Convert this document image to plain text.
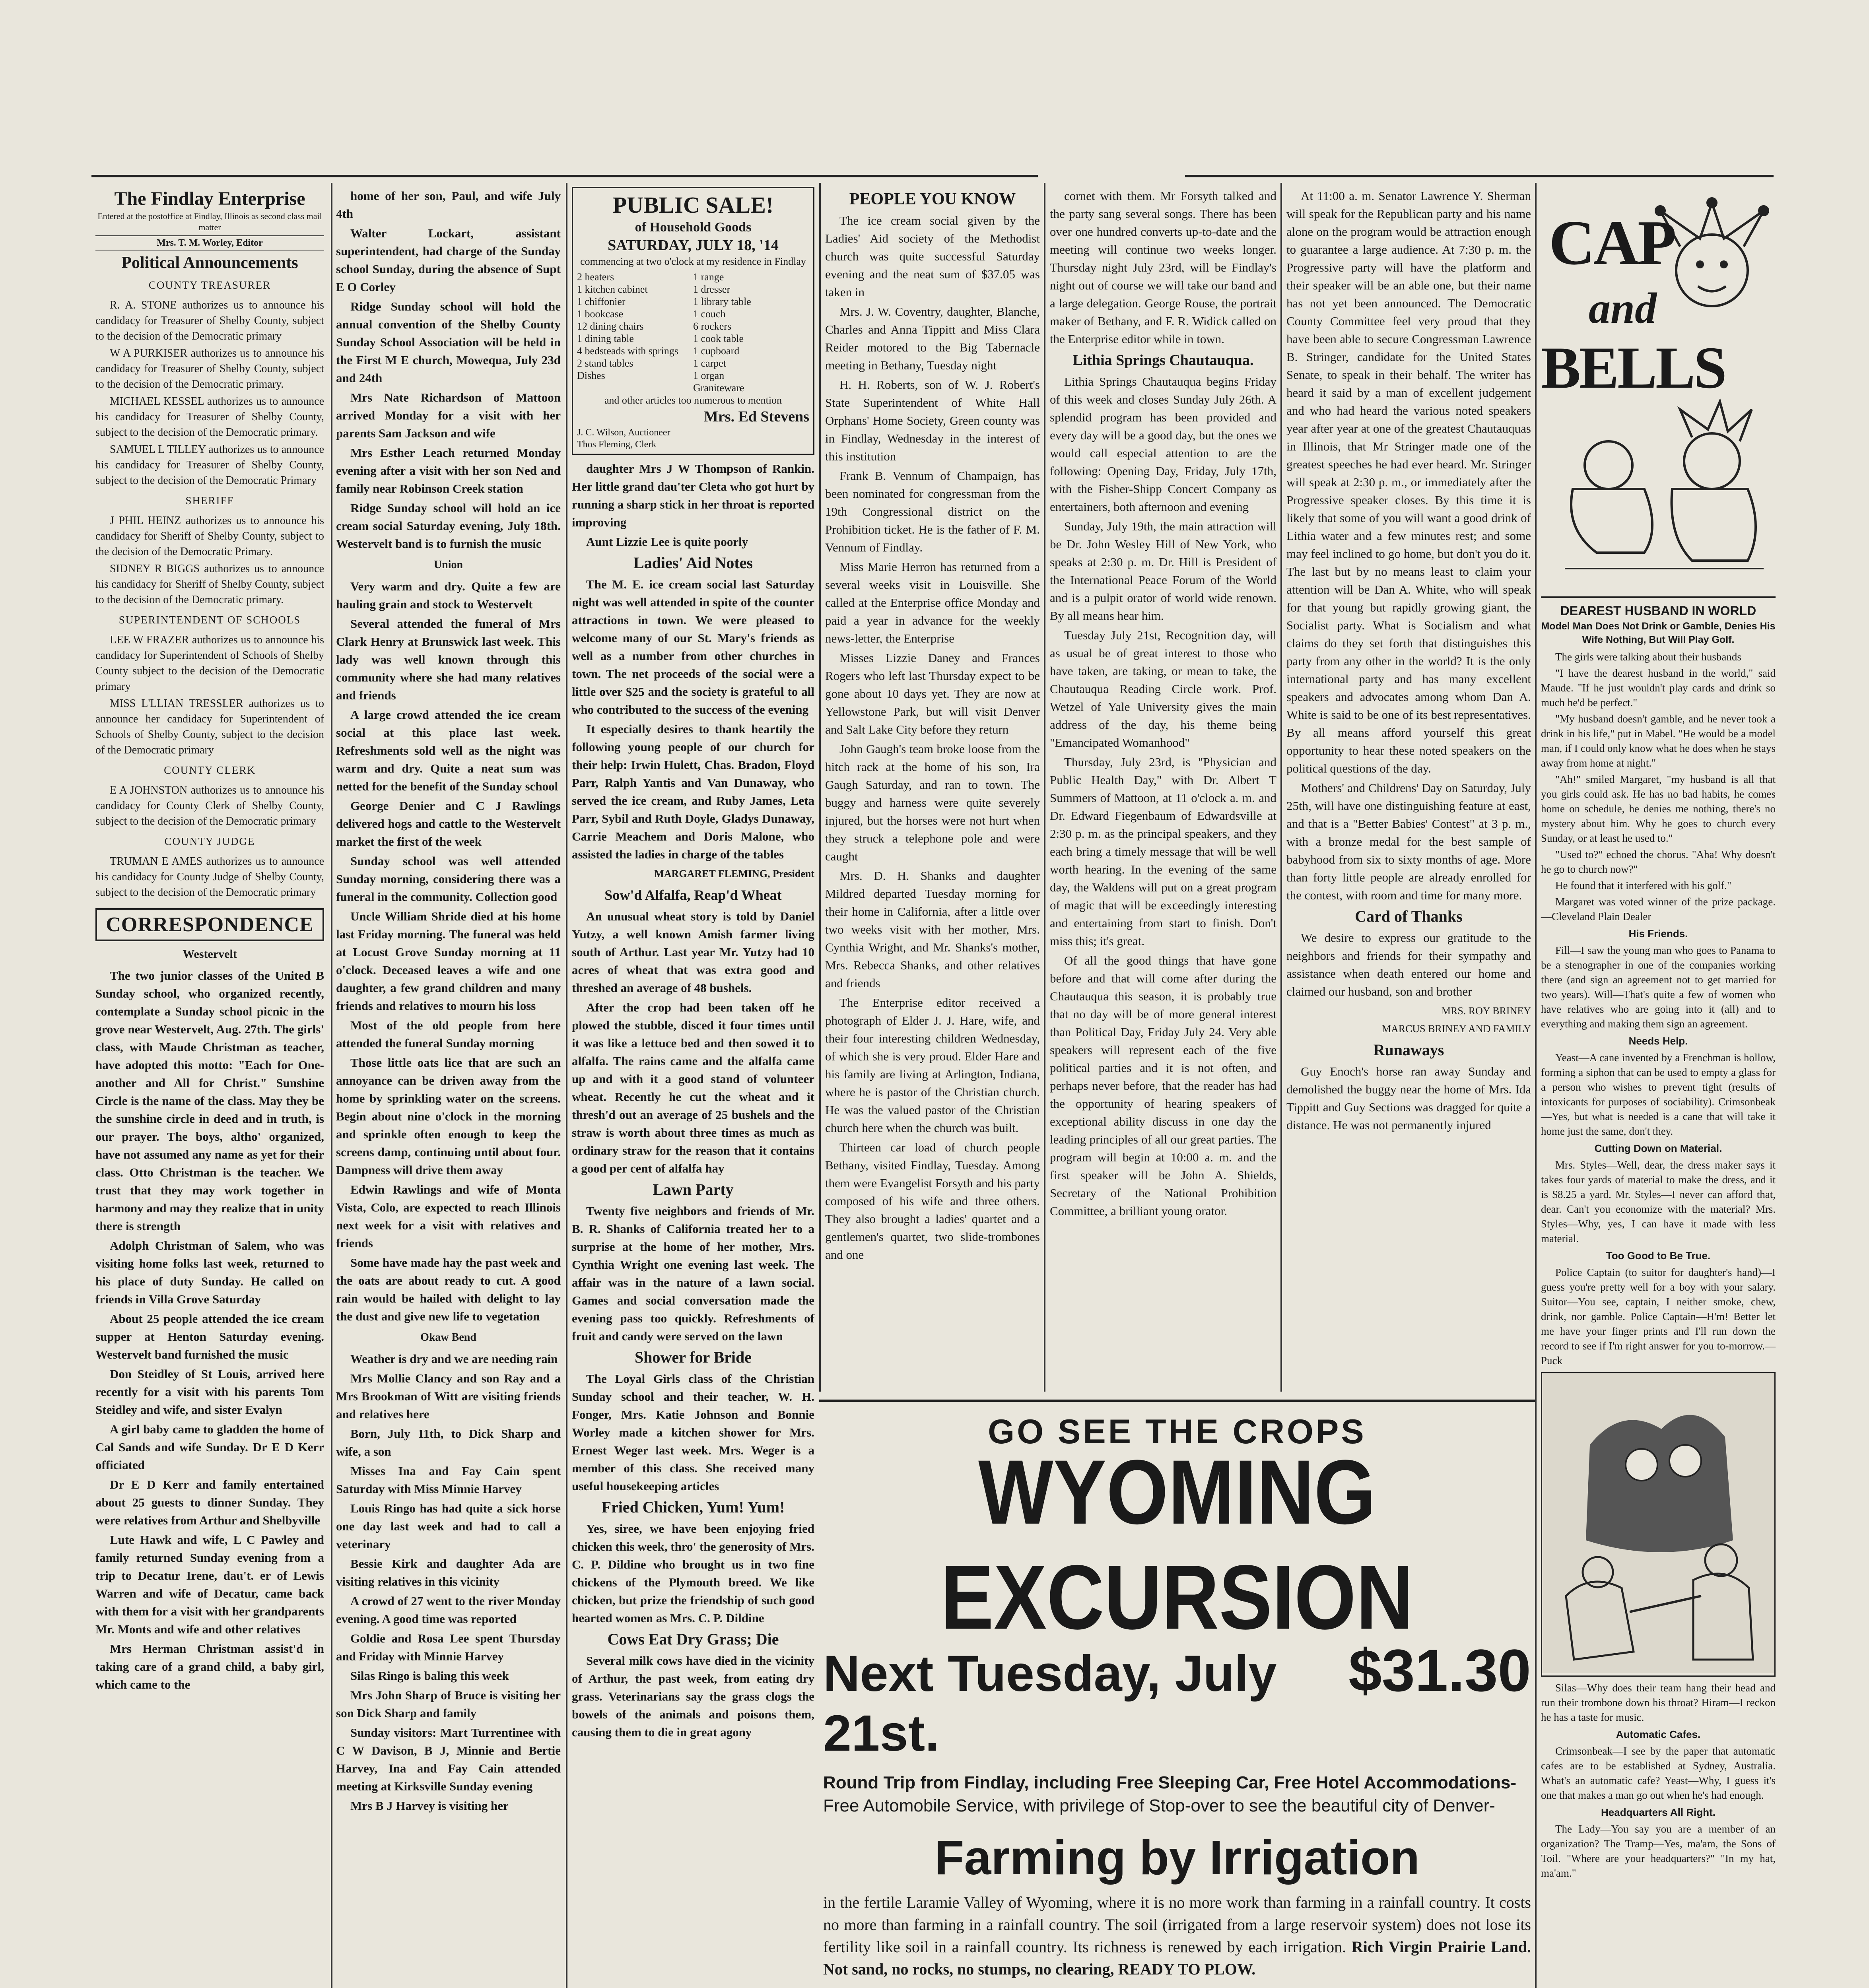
The Findlay Enterprise
Entered at the postoffice at Findlay, Illinois as second class mail matter
Mrs. T. M. Worley, Editor
Political Announcements
COUNTY TREASURER

R. A. STONE authorizes us to announce his candidacy for Treasurer of Shelby County, subject to the decision of the Democratic primary

W A PURKISER authorizes us to announce his candidacy for Treasurer of Shelby County, subject to the decision of the Democratic primary.

MICHAEL KESSEL authorizes us to announce his candidacy for Treasurer of Shelby County, subject to the decision of the Democratic primary.

SAMUEL L TILLEY authorizes us to announce his candidacy for Treasurer of Shelby County, subject to the decision of the Democratic Primary

SHERIFF

J PHIL HEINZ authorizes us to announce his candidacy for Sheriff of Shelby County, subject to the decision of the Democratic Primary.

SIDNEY R BIGGS authorizes us to announce his candidacy for Sheriff of Shelby County, subject to the decision of the Democratic primary.

SUPERINTENDENT OF SCHOOLS

LEE W FRAZER authorizes us to announce his candidacy for Superintendent of Schools of Shelby County subject to the decision of the Democratic primary

MISS L'LLIAN TRESSLER authorizes us to announce her candidacy for Superintendent of Schools of Shelby County, subject to the decision of the Democratic primary

COUNTY CLERK

E A JOHNSTON authorizes us to announce his candidacy for County Clerk of Shelby County, subject to the decision of the Democratic primary

COUNTY JUDGE

TRUMAN E AMES authorizes us to announce his candidacy for County Judge of Shelby County, subject to the decision of the Democratic primary

CORRESPONDENCE
Westervelt

The two junior classes of the United B Sunday school, who organized recently, contemplate a Sunday school picnic in the grove near Westervelt, Aug. 27th. The girls' class, with Maude Christman as teacher, have adopted this motto: "Each for One-another and All for Christ." Sunshine Circle is the name of the class. May they be the sunshine circle in deed and in truth, is our prayer. The boys, altho' organized, have not assumed any name as yet for their class. Otto Christman is the teacher. We trust that they may work together in harmony and may they realize that in unity there is strength

Adolph Christman of Salem, who was visiting home folks last week, returned to his place of duty Sunday. He called on friends in Villa Grove Saturday

About 25 people attended the ice cream supper at Henton Saturday evening. Westervelt band furnished the music

Don Steidley of St Louis, arrived here recently for a visit with his parents Tom Steidley and wife, and sister Evalyn

A girl baby came to gladden the home of Cal Sands and wife Sunday. Dr E D Kerr officiated

Dr E D Kerr and family entertained about 25 guests to dinner Sunday. They were relatives from Arthur and Shelbyville

Lute Hawk and wife, L C Pawley and family returned Sunday evening from a trip to Decatur Irene, dau't. er of Lewis Warren and wife of Decatur, came back with them for a visit with her grandparents Mr. Monts and wife and other relatives

Mrs Herman Christman assist'd in taking care of a grand child, a baby girl, which came to the

home of her son, Paul, and wife July 4th

Walter Lockart, assistant superintendent, had charge of the Sunday school Sunday, during the absence of Supt E O Corley

Ridge Sunday school will hold the annual convention of the Shelby County Sunday School Association will be held in the First M E church, Mowequa, July 23d and 24th

Mrs Nate Richardson of Mattoon arrived Monday for a visit with her parents Sam Jackson and wife

Mrs Esther Leach returned Monday evening after a visit with her son Ned and family near Robinson Creek station

Ridge Sunday school will hold an ice cream social Saturday evening, July 18th. Westervelt band is to furnish the music

Union

Very warm and dry. Quite a few are hauling grain and stock to Westervelt

Several attended the funeral of Mrs Clark Henry at Brunswick last week. This lady was well known through this community where she had many relatives and friends

A large crowd attended the ice cream social at this place last week. Refreshments sold well as the night was warm and dry. Quite a neat sum was netted for the benefit of the Sunday school

George Denier and C J Rawlings delivered hogs and cattle to the Westervelt market the first of the week

Sunday school was well attended Sunday morning, considering there was a funeral in the community. Collection good

Uncle William Shride died at his home last Friday morning. The funeral was held at Locust Grove Sunday morning at 11 o'clock. Deceased leaves a wife and one daughter, a few grand children and many friends and relatives to mourn his loss

Most of the old people from here attended the funeral Sunday morning

Those little oats lice that are such an annoyance can be driven away from the home by sprinkling water on the screens. Begin about nine o'clock in the morning and sprinkle often enough to keep the screens damp, continuing until about four. Dampness will drive them away

Edwin Rawlings and wife of Monta Vista, Colo, are expected to reach Illinois next week for a visit with relatives and friends

Some have made hay the past week and the oats are about ready to cut. A good rain would be hailed with delight to lay the dust and give new life to vegetation

Okaw Bend

Weather is dry and we are needing rain

Mrs Mollie Clancy and son Ray and a Mrs Brookman of Witt are visiting friends and relatives here

Born, July 11th, to Dick Sharp and wife, a son

Misses Ina and Fay Cain spent Saturday with Miss Minnie Harvey

Louis Ringo has had quite a sick horse one day last week and had to call a veterinary

Bessie Kirk and daughter Ada are visiting relatives in this vicinity

A crowd of 27 went to the river Monday evening. A good time was reported

Goldie and Rosa Lee spent Thursday and Friday with Minnie Harvey

Silas Ringo is baling this week

Mrs John Sharp of Bruce is visiting her son Dick Sharp and family

Sunday visitors: Mart Turrentinee with C W Davison, B J, Minnie and Bertie Harvey, Ina and Fay Cain attended meeting at Kirksville Sunday evening

Mrs B J Harvey is visiting her

PUBLIC SALE!
of Household Goods
SATURDAY, JULY 18, '14
commencing at two o'clock at my residence in Findlay
2 heaters
1 kitchen cabinet
1 chiffonier
1 bookcase
12 dining chairs
1 dining table
4 bedsteads with springs
2 stand tables
Dishes
1 range
1 dresser
1 library table
1 couch
6 rockers
1 cook table
1 cupboard
1 carpet
1 organ
Graniteware
and other articles too numerous to mention
Mrs. Ed Stevens
J. C. Wilson, Auctioneer
Thos Fleming, Clerk

daughter Mrs J W Thompson of Rankin. Her little grand dau'ter Cleta who got hurt by running a sharp stick in her throat is reported improving

Aunt Lizzie Lee is quite poorly

Ladies' Aid Notes

The M. E. ice cream social last Saturday night was well attended in spite of the counter attractions in town. We were pleased to welcome many of our St. Mary's friends as well as a number from other churches in town. The net proceeds of the social were a little over $25 and the society is grateful to all who contributed to the success of the evening

It especially desires to thank heartily the following young people of our church for their help: Irwin Hulett, Chas. Bradon, Floyd Parr, Ralph Yantis and Van Dunaway, who served the ice cream, and Ruby James, Leta Parr, Sybil and Ruth Doyle, Gladys Dunaway, Carrie Meachem and Doris Malone, who assisted the ladies in charge of the tables

MARGARET FLEMING, President
Sow'd Alfalfa, Reap'd Wheat

An unusual wheat story is told by Daniel Yutzy, a well known Amish farmer living south of Arthur. Last year Mr. Yutzy had 10 acres of wheat that was extra good and threshed an average of 48 bushels.

After the crop had been taken off he plowed the stubble, disced it four times until it was like a lettuce bed and then sowed it to alfalfa. The rains came and the alfalfa came up and with it a good stand of volunteer wheat. Recently he cut the wheat and it thresh'd out an average of 25 bushels and the straw is worth about three times as much as ordinary straw for the reason that it contains a good per cent of alfalfa hay

Lawn Party

Twenty five neighbors and friends of Mr. B. R. Shanks of California treated her to a surprise at the home of her mother, Mrs. Cynthia Wright one evening last week. The affair was in the nature of a lawn social. Games and social conversation made the evening pass too quickly. Refreshments of fruit and candy were served on the lawn

Shower for Bride

The Loyal Girls class of the Christian Sunday school and their teacher, W. H. Fonger, Mrs. Katie Johnson and Bonnie Worley made a kitchen shower for Mrs. Ernest Weger last week. Mrs. Weger is a member of this class. She received many useful housekeeping articles

Fried Chicken, Yum! Yum!

Yes, siree, we have been enjoying fried chicken this week, thro' the generosity of Mrs. C. P. Dildine who brought us in two fine chickens of the Plymouth breed. We like chicken, but prize the friendship of such good hearted women as Mrs. C. P. Dildine

Cows Eat Dry Grass; Die

Several milk cows have died in the vicinity of Arthur, the past week, from eating dry grass. Veterinarians say the grass clogs the bowels of the animals and poisons them, causing them to die in great agony

PEOPLE YOU KNOW

The ice cream social given by the Ladies' Aid society of the Methodist church was quite successful Saturday evening and the neat sum of $37.05 was taken in

Mrs. J. W. Coventry, daughter, Blanche, Charles and Anna Tippitt and Miss Clara Reider motored to the Big Tabernacle meeting in Bethany, Tuesday night

H. H. Roberts, son of W. J. Robert's State Superintendent of White Hall Orphans' Home Society, Green county was in Findlay, Wednesday in the interest of this institution

Frank B. Vennum of Champaign, has been nominated for congressman from the 19th Congressional district on the Prohibition ticket. He is the father of F. M. Vennum of Findlay.

Miss Marie Herron has returned from a several weeks visit in Louisville. She called at the Enterprise office Monday and paid a year in advance for the weekly news-letter, the Enterprise

Misses Lizzie Daney and Frances Rogers who left last Thursday expect to be gone about 10 days yet. They are now at Yellowstone Park, but will visit Denver and Salt Lake City before they return

John Gaugh's team broke loose from the hitch rack at the home of his son, Ira Gaugh Saturday, and ran to town. The buggy and harness were quite severely injured, but the horses were not hurt when they struck a telephone pole and were caught

Mrs. D. H. Shanks and daughter Mildred departed Tuesday morning for their home in California, after a little over two weeks visit with her mother, Mrs. Cynthia Wright, and Mr. Shanks's mother, Mrs. Rebecca Shanks, and other relatives and friends

The Enterprise editor received a photograph of Elder J. J. Hare, wife, and their four interesting children Wednesday, of which she is very proud. Elder Hare and his family are living at Arlington, Indiana, where he is pastor of the Christian church. He was the valued pastor of the Christian church here when the church was built.

Thirteen car load of church people Bethany, visited Findlay, Tuesday. Among them were Evangelist Forsyth and his party composed of his wife and three others. They also brought a ladies' quartet and a gentlemen's quartet, two slide-trombones and one

cornet with them. Mr Forsyth talked and the party sang several songs. There has been over one hundred converts up-to-date and the meeting will continue two weeks longer. Thursday night July 23rd, will be Findlay's night out of course we will take our band and a large delegation. George Rouse, the portrait maker of Bethany, and F. R. Widick called on the Enterprise editor while in town.

Lithia Springs Chautauqua.

Lithia Springs Chautauqua begins Friday of this week and closes Sunday July 26th. A splendid program has been provided and every day will be a good day, but the ones we would call especial attention to are the following: Opening Day, Friday, July 17th, with the Fisher-Shipp Concert Company as entertainers, both afternoon and evening

Sunday, July 19th, the main attraction will be Dr. John Wesley Hill of New York, who speaks at 2:30 p. m. Dr. Hill is President of the International Peace Forum of the World and is a pulpit orator of world wide renown. By all means hear him.

Tuesday July 21st, Recognition day, will as usual be of great interest to those who have taken, are taking, or mean to take, the Chautauqua Reading Circle work. Prof. Wetzel of Yale University gives the main address of the day, his theme being "Emancipated Womanhood"

Thursday, July 23rd, is "Physician and Public Health Day," with Dr. Albert T Summers of Mattoon, at 11 o'clock a. m. and Dr. Edward Fiegenbaum of Edwardsville at 2:30 p. m. as the principal speakers, and they each bring a timely message that will be well worth hearing. In the evening of the same day, the Waldens will put on a great program of magic that will be exceedingly interesting and entertaining from start to finish. Don't miss this; it's great.

Of all the good things that have gone before and that will come after during the Chautauqua this season, it is probably true that no day will be of more general interest than Political Day, Friday July 24. Very able speakers will represent each of the five political parties and it is not often, and perhaps never before, that the reader has had the opportunity of hearing speakers of exceptional ability discuss in one day the leading principles of all our great parties. The program will begin at 10:00 a. m. and the first speaker will be John A. Shields, Secretary of the National Prohibition Committee, a brilliant young orator.

At 11:00 a. m. Senator Lawrence Y. Sherman will speak for the Republican party and his name alone on the program would be attraction enough to guarantee a large audience. At 7:30 p. m. the Progressive party will have the platform and their speaker will be an able one, but their name has not yet been announced. The Democratic County Committee feel very proud that they have been able to secure Congressman Lawrence B. Stringer, candidate for the United States Senate, to speak in their behalf. The writer has heard it said by a man of excellent judgement and who had heard the various noted speakers year after year at one of the greatest Chautauquas in Illinois, that Mr Stringer made one of the greatest speeches he had ever heard. Mr. Stringer will speak at 2:30 p. m., or immediately after the Progressive speaker closes. By this time it is likely that some of you will want a good drink of Lithia water and a few minutes rest; and some may feel inclined to go home, but don't you do it. The last but by no means least to claim your attention will be Dan A. White, who will speak for that young but rapidly growing giant, the Socialist party. What is Socialism and what claims do they set forth that distinguishes this party from any other in the world? It is the only international party and has many excellent speakers and advocates among whom Dan A. White is said to be one of its best representatives. By all means afford yourself this great opportunity to hear these noted speakers on the political questions of the day.

Mothers' and Childrens' Day on Saturday, July 25th, will have one distinguishing feature at east, and that is a "Better Babies' Contest" at 3 p. m., with a bronze medal for the best sample of babyhood from six to sixty months of age. More than forty little people are already enrolled for the contest, with room and time for many more.

Card of Thanks

We desire to express our gratitude to the neighbors and friends for their sympathy and assistance when death entered our home and claimed our husband, son and brother

MRS. ROY BRINEY
MARCUS BRINEY AND FAMILY
Runaways

Guy Enoch's horse ran away Sunday and demolished the buggy near the home of Mrs. Ida Tippitt and Guy Sections was dragged for quite a distance. He was not permanently injured

GO SEE THE CROPS
WYOMING EXCURSION
Next Tuesday, July 21st.
$31.30
Round Trip from Findlay, including Free Sleeping Car, Free Hotel Accommodations-
Free Automobile Service, with privilege of Stop-over to see the beautiful city of Denver-
Farming by Irrigation
in the fertile Laramie Valley of Wyoming, where it is no more work than farming in a rainfall country. It costs no more than farming in a rainfall country. The soil (irrigated from a large reservoir system) does not lose its fertility like soil in a rainfall country. Its richness is renewed by each irrigation. Rich Virgin Prairie Land. Not sand, no rocks, no stumps, no clearing, READY TO PLOW.
CAP
and
BELLS
DEAREST HUSBAND IN WORLD
Model Man Does Not Drink or Gamble, Denies His Wife Nothing, But Will Play Golf.

The girls were talking about their husbands

"I have the dearest husband in the world," said Maude. "If he just wouldn't play cards and drink so much he'd be perfect."

"My husband doesn't gamble, and he never took a drink in his life," put in Mabel. "He would be a model man, if I could only know what he does when he stays away from home at night."

"Ah!" smiled Margaret, "my husband is all that you girls could ask. He has no bad habits, he comes home on schedule, he denies me nothing, there's no mystery about him. Why he goes to church every Sunday, or at least he used to."

"Used to?" echoed the chorus. "Aha! Why doesn't he go to church now?"

He found that it interfered with his golf."

Margaret was voted winner of the prize package.—Cleveland Plain Dealer

His Friends.

Fill—I saw the young man who goes to Panama to be a stenographer in one of the companies working there (and sign an agreement not to get married for two years). Will—That's quite a few of women who have relatives who are going into it (all) and to everything and making them sign an agreement.

Needs Help.

Yeast—A cane invented by a Frenchman is hollow, forming a siphon that can be used to empty a glass for a person who wishes to prevent tight (results of intoxicants for purposes of sociability). Crimsonbeak—Yes, but what is needed is a cane that will take it home just the same, don't they.

Cutting Down on Material.

Mrs. Styles—Well, dear, the dress maker says it takes four yards of material to make the dress, and it is $8.25 a yard. Mr. Styles—I never can afford that, dear. Can't you economize with the material? Mrs. Styles—Why, yes, I can have it made with less material.

Too Good to Be True.

Police Captain (to suitor for daughter's hand)—I guess you're pretty well for a boy with your salary. Suitor—You see, captain, I neither smoke, chew, drink, nor gamble. Police Captain—H'm! Better let me have your finger prints and I'll run down the record to see if I'm right answer for you to-morrow.—Puck

Silas—Why does their team hang their head and run their trombone down his throat? Hiram—I reckon he has a taste for music.

Automatic Cafes.

Crimsonbeak—I see by the paper that automatic cafes are to be established at Sydney, Australia. What's an automatic cafe? Yeast—Why, I guess it's one that makes a man go out when he's had enough.

Headquarters All Right.

The Lady—You say you are a member of an organization? The Tramp—Yes, ma'am, the Sons of Toil. "Where are your headquarters?" "In my hat, ma'am."
